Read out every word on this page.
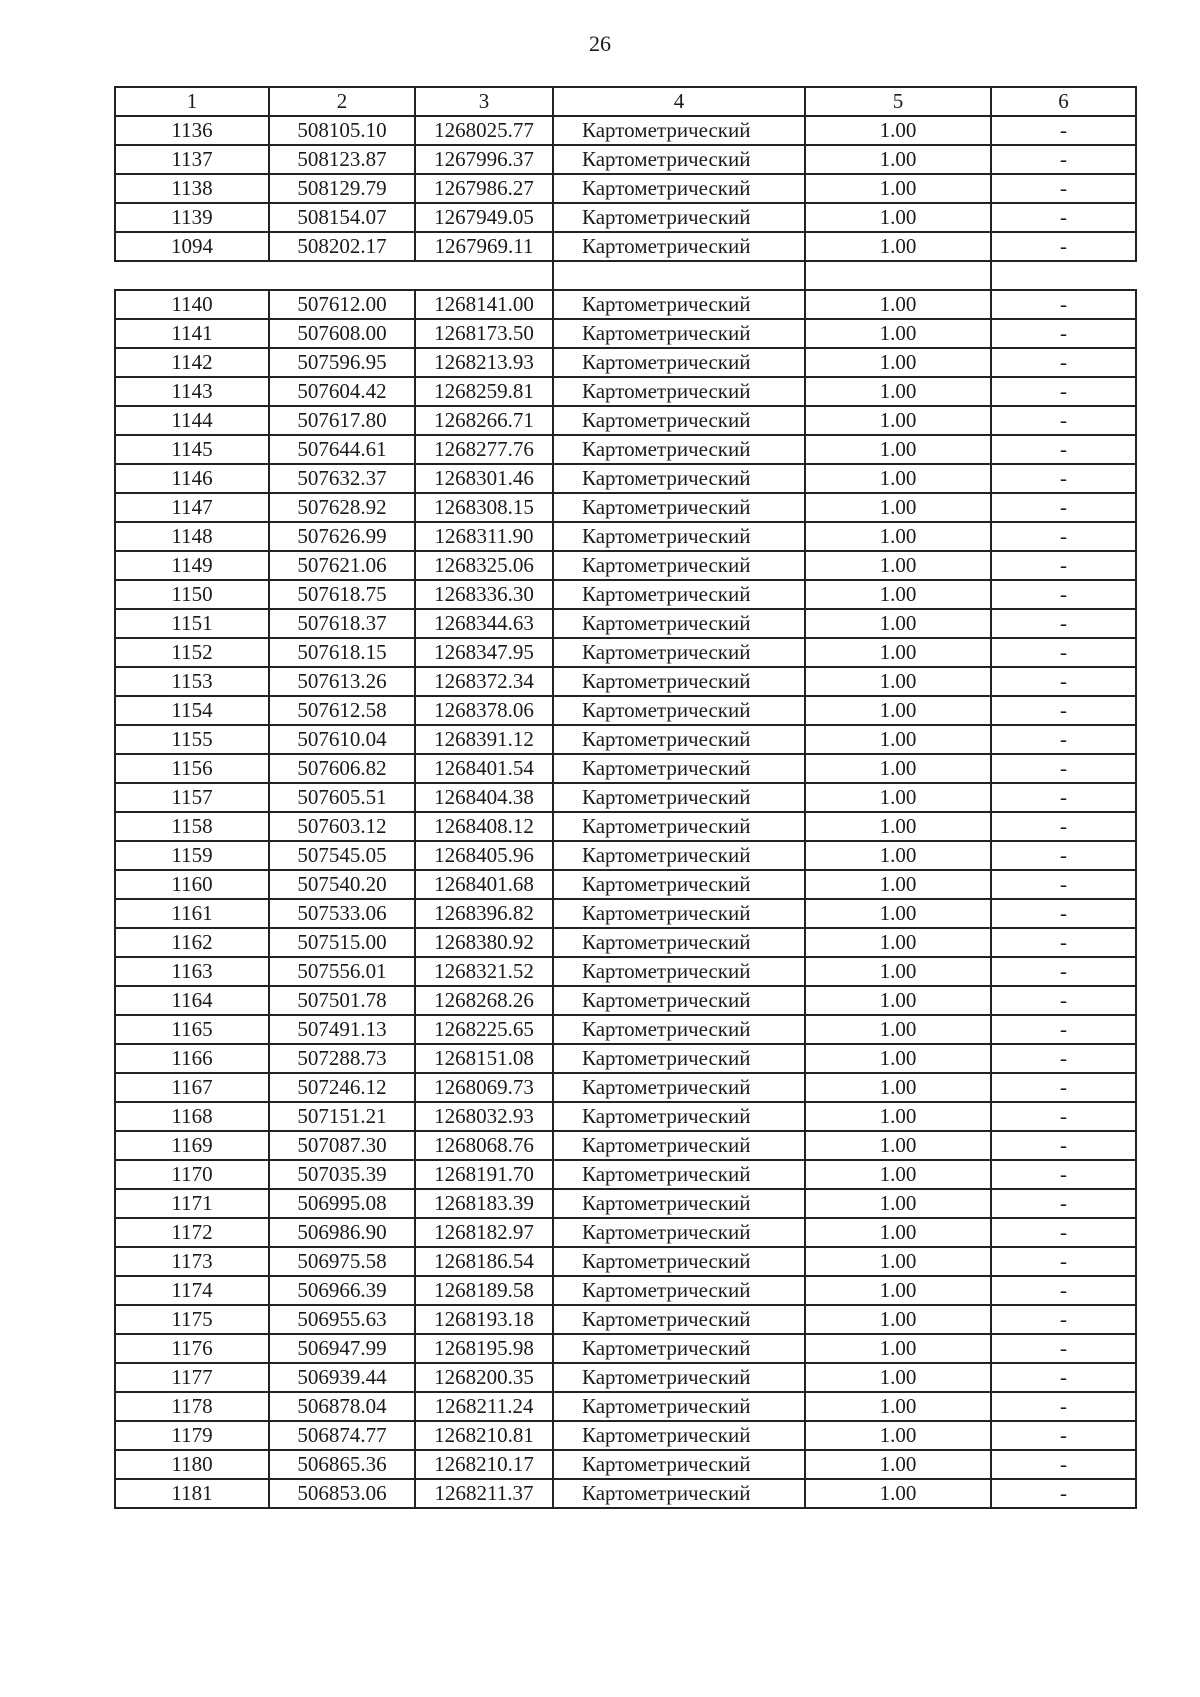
26
1	2	3	4	5	6
1136	508105.10	1268025.77	Картометрический	1.00	-
1137	508123.87	1267996.37	Картометрический	1.00	-
1138	508129.79	1267986.27	Картометрический	1.00	-
1139	508154.07	1267949.05	Картометрический	1.00	-
1094	508202.17	1267969.11	Картометрический	1.00	-

1140	507612.00	1268141.00	Картометрический	1.00	-
1141	507608.00	1268173.50	Картометрический	1.00	-
1142	507596.95	1268213.93	Картометрический	1.00	-
1143	507604.42	1268259.81	Картометрический	1.00	-
1144	507617.80	1268266.71	Картометрический	1.00	-
1145	507644.61	1268277.76	Картометрический	1.00	-
1146	507632.37	1268301.46	Картометрический	1.00	-
1147	507628.92	1268308.15	Картометрический	1.00	-
1148	507626.99	1268311.90	Картометрический	1.00	-
1149	507621.06	1268325.06	Картометрический	1.00	-
1150	507618.75	1268336.30	Картометрический	1.00	-
1151	507618.37	1268344.63	Картометрический	1.00	-
1152	507618.15	1268347.95	Картометрический	1.00	-
1153	507613.26	1268372.34	Картометрический	1.00	-
1154	507612.58	1268378.06	Картометрический	1.00	-
1155	507610.04	1268391.12	Картометрический	1.00	-
1156	507606.82	1268401.54	Картометрический	1.00	-
1157	507605.51	1268404.38	Картометрический	1.00	-
1158	507603.12	1268408.12	Картометрический	1.00	-
1159	507545.05	1268405.96	Картометрический	1.00	-
1160	507540.20	1268401.68	Картометрический	1.00	-
1161	507533.06	1268396.82	Картометрический	1.00	-
1162	507515.00	1268380.92	Картометрический	1.00	-
1163	507556.01	1268321.52	Картометрический	1.00	-
1164	507501.78	1268268.26	Картометрический	1.00	-
1165	507491.13	1268225.65	Картометрический	1.00	-
1166	507288.73	1268151.08	Картометрический	1.00	-
1167	507246.12	1268069.73	Картометрический	1.00	-
1168	507151.21	1268032.93	Картометрический	1.00	-
1169	507087.30	1268068.76	Картометрический	1.00	-
1170	507035.39	1268191.70	Картометрический	1.00	-
1171	506995.08	1268183.39	Картометрический	1.00	-
1172	506986.90	1268182.97	Картометрический	1.00	-
1173	506975.58	1268186.54	Картометрический	1.00	-
1174	506966.39	1268189.58	Картометрический	1.00	-
1175	506955.63	1268193.18	Картометрический	1.00	-
1176	506947.99	1268195.98	Картометрический	1.00	-
1177	506939.44	1268200.35	Картометрический	1.00	-
1178	506878.04	1268211.24	Картометрический	1.00	-
1179	506874.77	1268210.81	Картометрический	1.00	-
1180	506865.36	1268210.17	Картометрический	1.00	-
1181	506853.06	1268211.37	Картометрический	1.00	-
